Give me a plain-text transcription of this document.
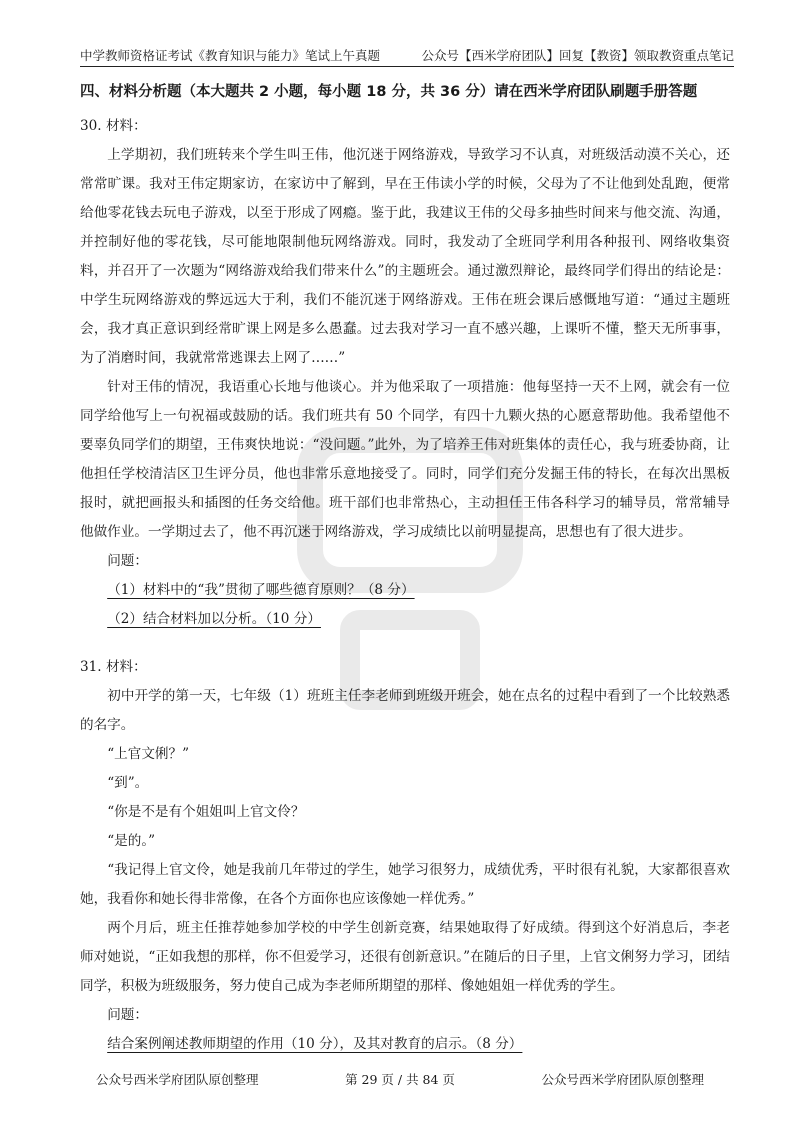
中学教师资格证考试《教育知识与能力》笔试上午真题	公众号【西米学府团队】回复【教资】领取教资重点笔记
四、材料分析题（本大题共 2 小题，每小题 18 分，共 36 分）请在西米学府团队刷题手册答题

30. 材料：

上学期初，我们班转来个学生叫王伟，他沉迷于网络游戏，导致学习不认真，对班级活动漠不关心，还常常旷课。我对王伟定期家访，在家访中了解到，早在王伟读小学的时候，父母为了不让他到处乱跑，便常给他零花钱去玩电子游戏，以至于形成了网瘾。鉴于此，我建议王伟的父母多抽些时间来与他交流、沟通，并控制好他的零花钱，尽可能地限制他玩网络游戏。同时，我发动了全班同学利用各种报刊、网络收集资料，并召开了一次题为“网络游戏给我们带来什么”的主题班会。通过激烈辩论，最终同学们得出的结论是：中学生玩网络游戏的弊远远大于利，我们不能沉迷于网络游戏。王伟在班会课后感慨地写道：“通过主题班会，我才真正意识到经常旷课上网是多么愚蠢。过去我对学习一直不感兴趣，上课听不懂，整天无所事事，为了消磨时间，我就常常逃课去上网了……”

针对王伟的情况，我语重心长地与他谈心。并为他采取了一项措施：他每坚持一天不上网，就会有一位同学给他写上一句祝福或鼓励的话。我们班共有 50 个同学，有四十九颗火热的心愿意帮助他。我希望他不要辜负同学们的期望，王伟爽快地说：“没问题。”此外，为了培养王伟对班集体的责任心，我与班委协商，让他担任学校清洁区卫生评分员，他也非常乐意地接受了。同时，同学们充分发掘王伟的特长，在每次出黑板报时，就把画报头和插图的任务交给他。班干部们也非常热心，主动担任王伟各科学习的辅导员，常常辅导他做作业。一学期过去了，他不再沉迷于网络游戏，学习成绩比以前明显提高，思想也有了很大进步。

问题：

（1）材料中的“我”贯彻了哪些德育原则？（8 分）

（2）结合材料加以分析。（10 分）

31. 材料：

初中开学的第一天，七年级（1）班班主任李老师到班级开班会，她在点名的过程中看到了一个比较熟悉的名字。

“上官文俐？”

“到”。

“你是不是有个姐姐叫上官文伶？

“是的。”

“我记得上官文伶，她是我前几年带过的学生，她学习很努力，成绩优秀，平时很有礼貌，大家都很喜欢她，我看你和她长得非常像，在各个方面你也应该像她一样优秀。”

两个月后，班主任推荐她参加学校的中学生创新竞赛，结果她取得了好成绩。得到这个好消息后，李老师对她说，“正如我想的那样，你不但爱学习，还很有创新意识。”在随后的日子里，上官文俐努力学习，团结同学，积极为班级服务，努力使自己成为李老师所期望的那样、像她姐姐一样优秀的学生。

问题：

结合案例阐述教师期望的作用（10 分），及其对教育的启示。（8 分）

公众号西米学府团队原创整理	第 29 页 / 共 84 页	公众号西米学府团队原创整理
